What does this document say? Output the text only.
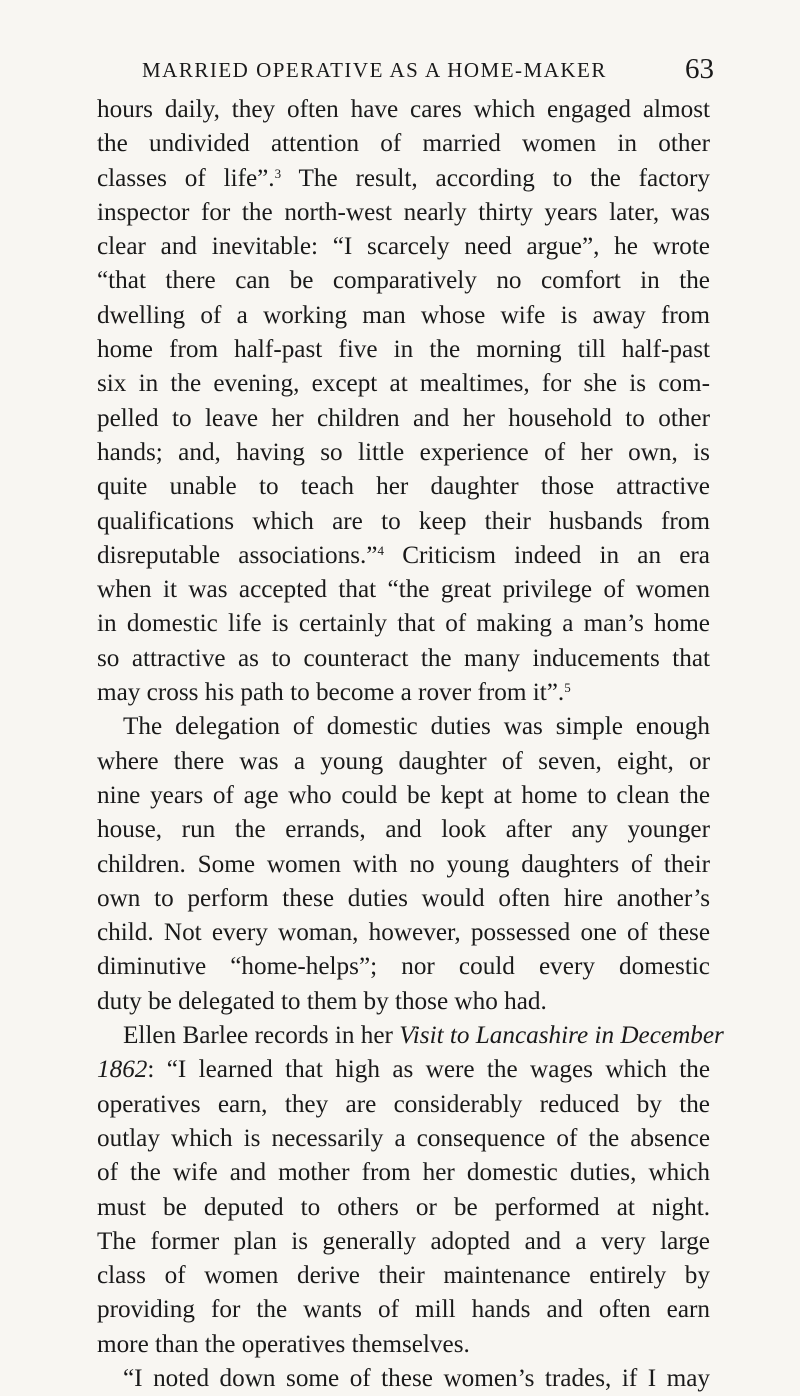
MARRIED OPERATIVE AS A HOME-MAKER	63
hours daily, they often have cares which engaged almost
the undivided attention of married women in other
classes of life”.$^3$ The result, according to the factory
inspector for the north-west nearly thirty years later, was
clear and inevitable: “I scarcely need argue”, he wrote
“that there can be comparatively no comfort in the
dwelling of a working man whose wife is away from
home from half-past five in the morning till half-past
six in the evening, except at mealtimes, for she is com-
pelled to leave her children and her household to other
hands; and, having so little experience of her own, is
quite unable to teach her daughter those attractive
qualifications which are to keep their husbands from
disreputable associations.”$^4$ Criticism indeed in an era
when it was accepted that “the great privilege of women
in domestic life is certainly that of making a man’s home
so attractive as to counteract the many inducements that
may cross his path to become a rover from it”.$^5$
The delegation of domestic duties was simple enough
where there was a young daughter of seven, eight, or
nine years of age who could be kept at home to clean the
house, run the errands, and look after any younger
children. Some women with no young daughters of their
own to perform these duties would often hire another’s
child. Not every woman, however, possessed one of these
diminutive “home-helps”; nor could every domestic
duty be delegated to them by those who had.
Ellen Barlee records in her Visit to Lancashire in December
1862: “I learned that high as were the wages which the
operatives earn, they are considerably reduced by the
outlay which is necessarily a consequence of the absence
of the wife and mother from her domestic duties, which
must be deputed to others or be performed at night.
The former plan is generally adopted and a very large
class of women derive their maintenance entirely by
providing for the wants of mill hands and often earn
more than the operatives themselves.
“I noted down some of these women’s trades, if I may
